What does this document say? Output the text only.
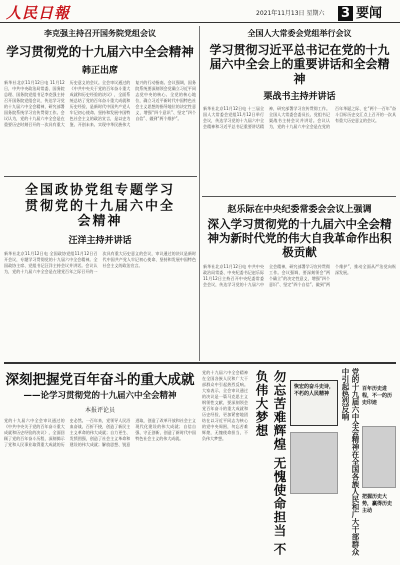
人民日報	2021年11月13日 星期六 3 要闻
李克强主持召开国务院党组会议
学习贯彻党的十九届六中全会精神
韩正出席
新华社北京11月12日电 11月12日，中共中央政治局常委、国务院总理、国务院党组书记李克强主持召开国务院党组会议，传达学习党的十九届六中全会精神，研究部署国务院系统学习宣传贯彻工作。会议认为，党的十九届六中全会是在重要历史时刻召开的一次具有重大历史意义的会议。全会审议通过的《中共中央关于党的百年奋斗重大成就和历史经验的决议》，全面系统总结了党的百年奋斗重大成就和历史经验，是新时代中国共产党人牢记初心使命、坚持和发展中国特色社会主义的政治宣言，是以史为鉴、开创未来、实现中华民族伟大复兴的行动指南。会议强调，国务院系统要深刻领会党确立习近平同志党中央的核心、全党的核心地位，确立习近平新时代中国特色社会主义思想的指导地位的决定性意义，增强“四个意识”、坚定“四个自信”、做到“两个维护”。
全国人大常委会党组举行会议
学习贯彻习近平总书记在党的十九届六中全会上的重要讲话和全会精神
栗战书主持并讲话
新华社北京11月12日电 十三届全国人大常委会党组11月12日举行会议，传达学习党的十九届六中全会精神和习近平总书记重要讲话精神，研究部署学习宣传贯彻工作。全国人大常委会委员长、党组书记栗战书主持会议并讲话。会议认为，党的十九届六中全会是在党的百年华诞之际、在“两个一百年”奋斗目标历史交汇点上召开的一次具有重大历史意义的会议。
全国政协党组专题学习贯彻党的十九届六中全会精神
汪洋主持并讲话
新华社北京11月12日电 全国政协党组11月12日召开会议，专题学习贯彻党的十九届六中全会精神。全国政协主席、党组书记汪洋主持会议并讲话。会议认为，党的十九届六中全会是在建党百年之际召开的一次具有重大历史意义的会议，审议通过的决议是新时代中国共产党人牢记初心使命、坚持和发展中国特色社会主义的政治宣言。
赵乐际在中央纪委常委会会议上强调
深入学习贯彻党的十九届六中全会精神为新时代党的伟大自我革命作出积极贡献
新华社北京11月12日电 中共中央政治局常委、中央纪委书记赵乐际11月12日主持召开中央纪委常委会会议，传达学习党的十九届六中全会精神，研究部署学习宣传贯彻工作。会议强调，要深刻领会“两个确立”的决定性意义，增强“四个意识”、坚定“四个自信”、做到“两个维护”，推动全面从严治党向纵深发展。
深刻把握党百年奋斗的重大成就
——论学习贯彻党的十九届六中全会精神
本报评论员
党的十九届六中全会审议通过的《中共中央关于党的百年奋斗重大成就和历史经验的决议》，全面回顾了党的百年奋斗历程，深刻揭示了党和人民事业取得重大成就的历史必然。一百年来，党领导人民浴血奋战、百折不挠，创造了新民主主义革命的伟大成就；自力更生、发愤图强，创造了社会主义革命和建设的伟大成就；解放思想、锐意进取，创造了改革开放和社会主义现代化建设的伟大成就；自信自强、守正创新，创造了新时代中国特色社会主义的伟大成就。
党的十九届六中全会精神在全国各族人民和广大干部群众中引起热烈反响。大家表示，全会审议通过的决议是一篇马克思主义纲领性文献，要深刻领会党百年奋斗的重大成就和历史经验，更加紧密地团结在以习近平同志为核心的党中央周围，勿忘苦难辉煌，无愧使命担当，不负伟大梦想。	勿忘苦难辉煌 无愧使命担当 不负伟大梦想	恢宏的奋斗史诗，不朽的人民精神	党的十九届六中全会精神在全国各族人民和广大干部群众中引起热烈反响	百年历史进程，不一的历史印迹
把握历史大势，赢得历史主动
